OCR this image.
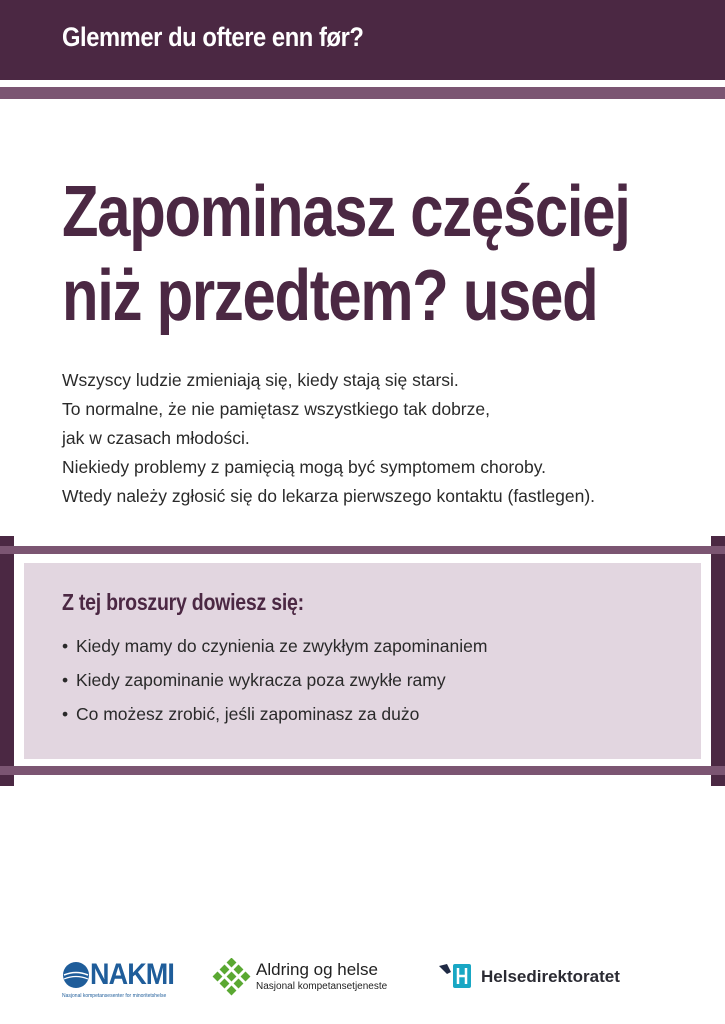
Glemmer du oftere enn før?
Zapominasz częściej
niż przedtem? used

Wszyscy ludzie zmieniają się, kiedy stają się starsi.

To normalne, że nie pamiętasz wszystkiego tak dobrze,

jak w czasach młodości.

Niekiedy problemy z pamięcią mogą być symptomem choroby.

Wtedy należy zgłosić się do lekarza pierwszego kontaktu (fastlegen).

Z tej broszury dowiesz się:
• Kiedy mamy do czynienia ze zwykłym zapominaniem
• Kiedy zapominanie wykracza poza zwykłe ramy
• Co możesz zrobić, jeśli zapominasz za dużo
NAKMI
Nasjonal kompetansesenter for minoritetshelse
Aldring og helse
Nasjonal kompetansetjeneste
Helsedirektoratet
